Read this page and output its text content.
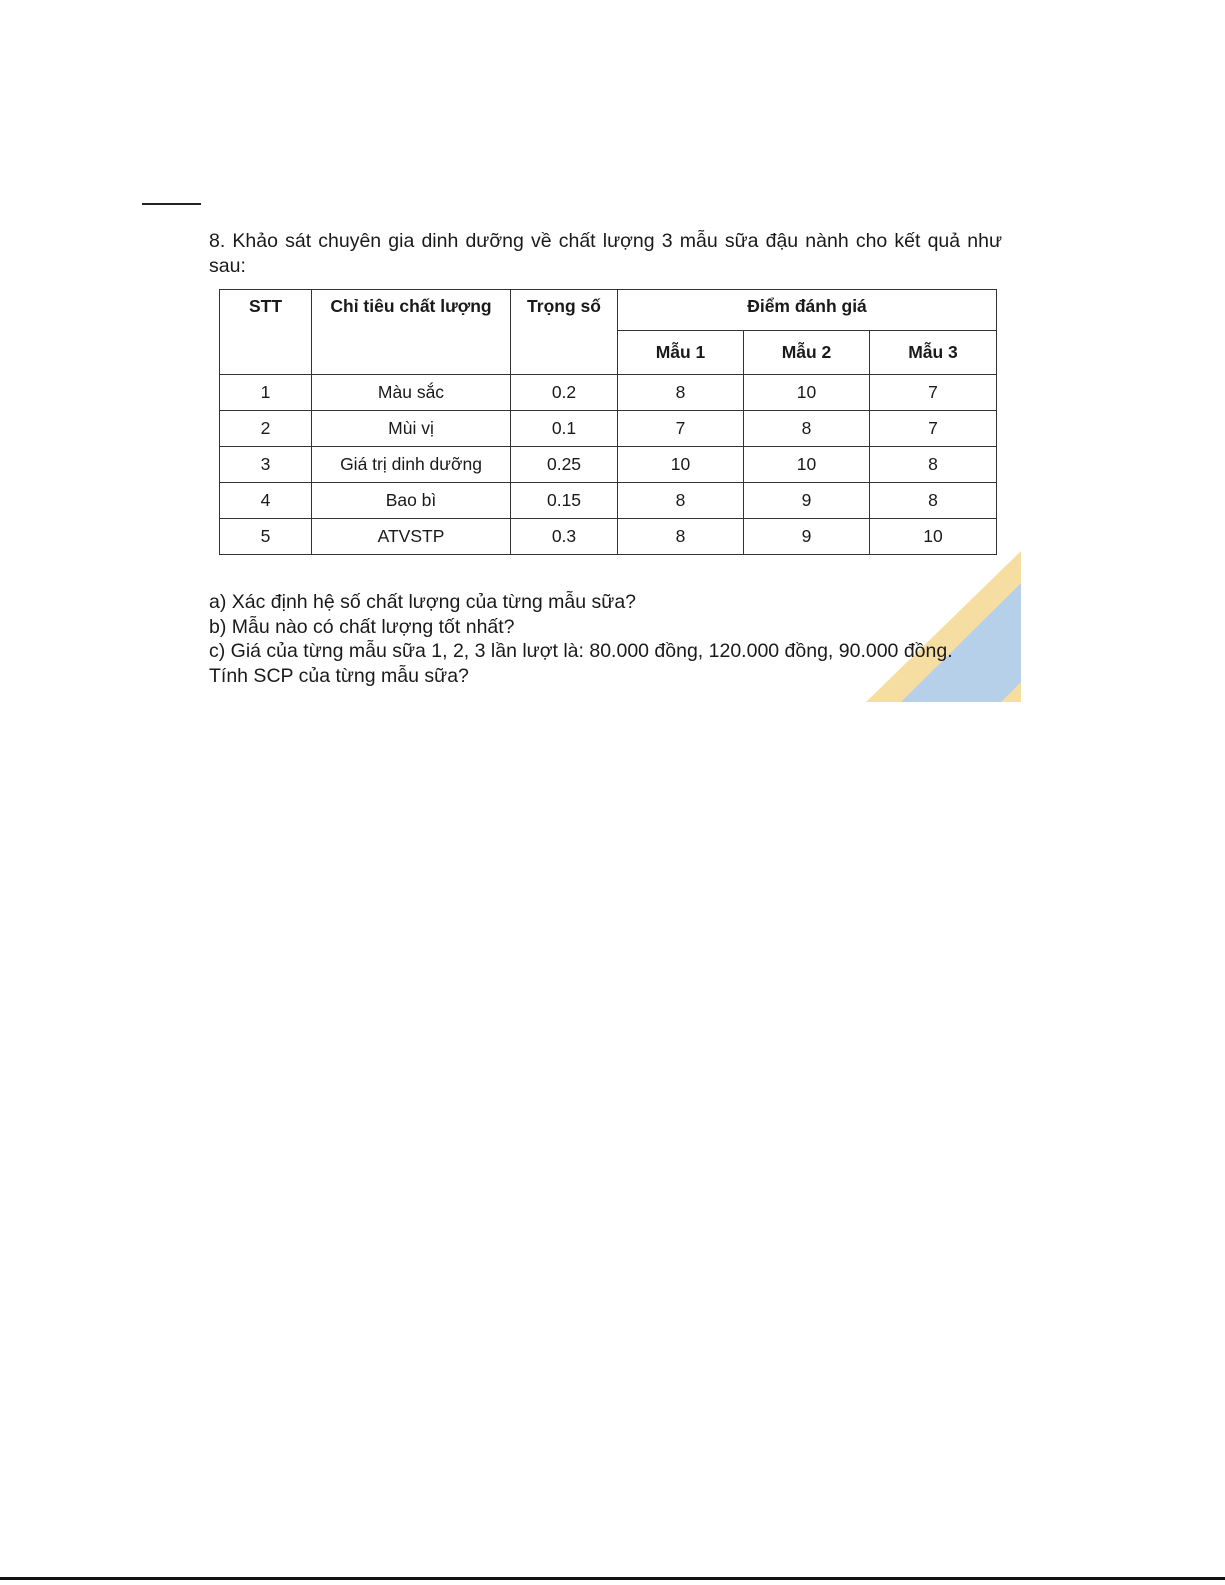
8. Khảo sát chuyên gia dinh dưỡng về chất lượng 3 mẫu sữa đậu nành cho kết quả như sau:
STT	Chỉ tiêu chất lượng	Trọng số	Điểm đánh giá		
			Mẫu 1	Mẫu 2	Mẫu 3
1	Màu sắc	0.2	8	10	7
2	Mùi vị	0.1	7	8	7
3	Giá trị dinh dưỡng	0.25	10	10	8
4	Bao bì	0.15	8	9	8
5	ATVSTP	0.3	8	9	10

a) Xác định hệ số chất lượng của từng mẫu sữa?

b) Mẫu nào có chất lượng tốt nhất?

c) Giá của từng mẫu sữa 1, 2, 3 lần lượt là: 80.000 đồng, 120.000 đồng, 90.000 đồng.

Tính SCP của từng mẫu sữa?
